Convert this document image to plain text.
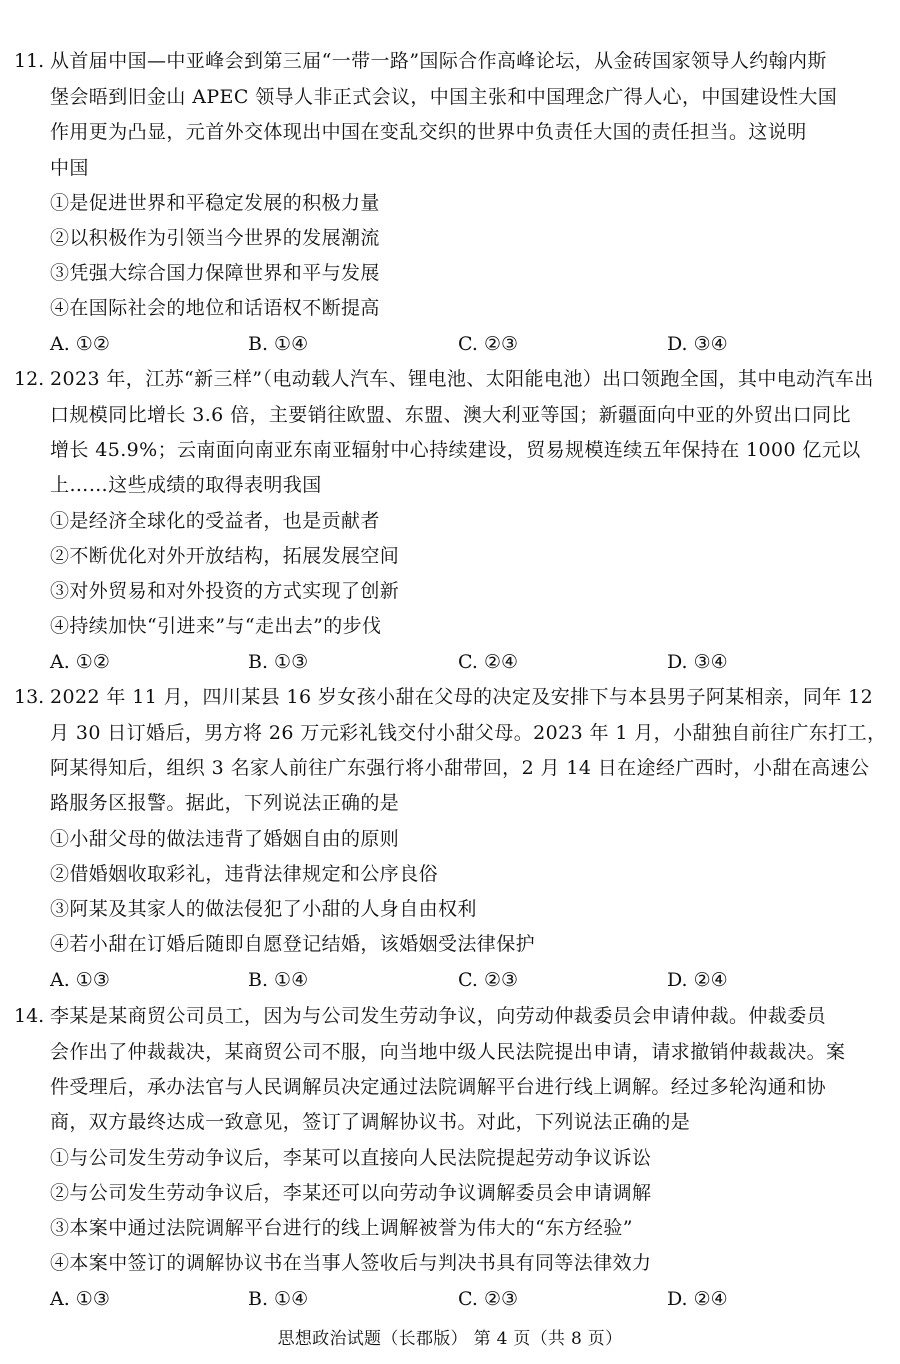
11. 从首届中国—中亚峰会到第三届“一带一路”国际合作高峰论坛，从金砖国家领导人约翰内斯
堡会晤到旧金山 APEC 领导人非正式会议，中国主张和中国理念广得人心，中国建设性大国
作用更为凸显，元首外交体现出中国在变乱交织的世界中负责任大国的责任担当。这说明
中国
①是促进世界和平稳定发展的积极力量
②以积极作为引领当今世界的发展潮流
③凭强大综合国力保障世界和平与发展
④在国际社会的地位和话语权不断提高
A. ①②	B. ①④	C. ②③	D. ③④
12. 2023 年，江苏“新三样”（电动载人汽车、锂电池、太阳能电池）出口领跑全国，其中电动汽车出
口规模同比增长 3.6 倍，主要销往欧盟、东盟、澳大利亚等国；新疆面向中亚的外贸出口同比
增长 45.9%；云南面向南亚东南亚辐射中心持续建设，贸易规模连续五年保持在 1000 亿元以
上……这些成绩的取得表明我国
①是经济全球化的受益者，也是贡献者
②不断优化对外开放结构，拓展发展空间
③对外贸易和对外投资的方式实现了创新
④持续加快“引进来”与“走出去”的步伐
A. ①②	B. ①③	C. ②④	D. ③④
13. 2022 年 11 月，四川某县 16 岁女孩小甜在父母的决定及安排下与本县男子阿某相亲，同年 12
月 30 日订婚后，男方将 26 万元彩礼钱交付小甜父母。2023 年 1 月，小甜独自前往广东打工，
阿某得知后，组织 3 名家人前往广东强行将小甜带回，2 月 14 日在途经广西时，小甜在高速公
路服务区报警。据此，下列说法正确的是
①小甜父母的做法违背了婚姻自由的原则
②借婚姻收取彩礼，违背法律规定和公序良俗
③阿某及其家人的做法侵犯了小甜的人身自由权利
④若小甜在订婚后随即自愿登记结婚，该婚姻受法律保护
A. ①③	B. ①④	C. ②③	D. ②④
14. 李某是某商贸公司员工，因为与公司发生劳动争议，向劳动仲裁委员会申请仲裁。仲裁委员
会作出了仲裁裁决，某商贸公司不服，向当地中级人民法院提出申请，请求撤销仲裁裁决。案
件受理后，承办法官与人民调解员决定通过法院调解平台进行线上调解。经过多轮沟通和协
商，双方最终达成一致意见，签订了调解协议书。对此，下列说法正确的是
①与公司发生劳动争议后，李某可以直接向人民法院提起劳动争议诉讼
②与公司发生劳动争议后，李某还可以向劳动争议调解委员会申请调解
③本案中通过法院调解平台进行的线上调解被誉为伟大的“东方经验”
④本案中签订的调解协议书在当事人签收后与判决书具有同等法律效力
A. ①③	B. ①④	C. ②③	D. ②④
思想政治试题（长郡版） 第 4 页（共 8 页）
